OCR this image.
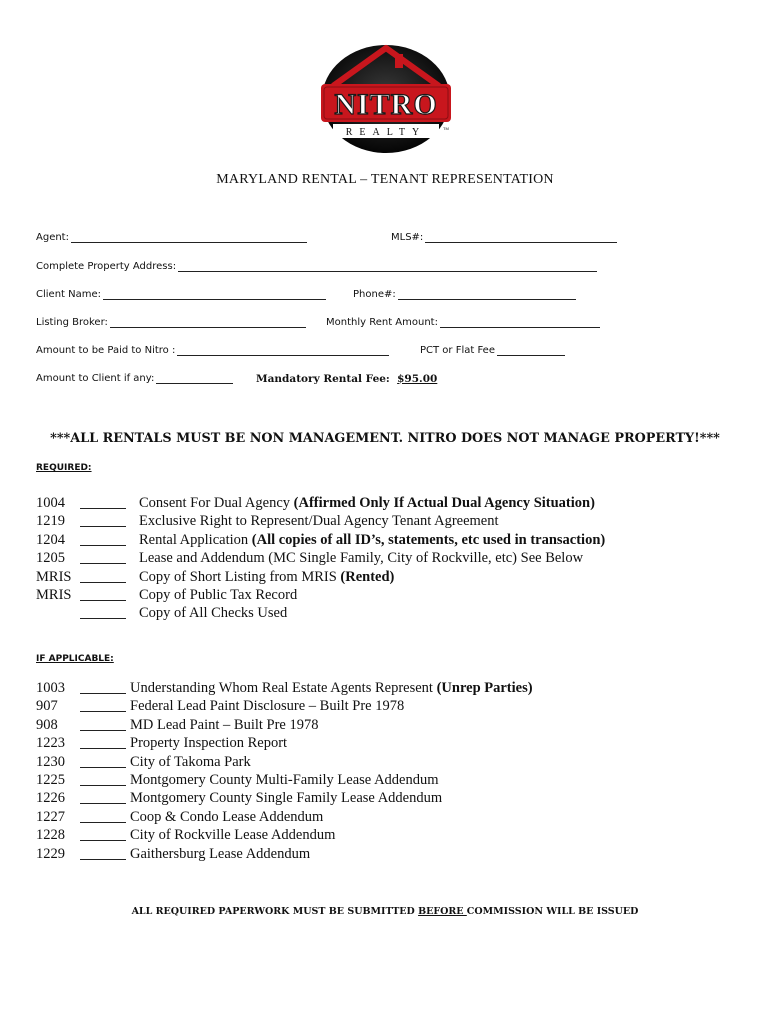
NITRO
REALTY	TM
MARYLAND RENTAL – TENANT REPRESENTATION
Agent:	MLS#:
Complete Property Address:
Client Name:	Phone#:
Listing Broker:	Monthly Rent Amount:
Amount to be Paid to Nitro :	PCT or Flat Fee
Amount to Client if any:	Mandatory Rental Fee:
$95.00
***ALL RENTALS MUST BE NON MANAGEMENT. NITRO DOES NOT MANAGE PROPERTY!***
REQUIRED:
1004	Consent For Dual Agency (Affirmed Only If Actual Dual Agency Situation)
1219	Exclusive Right to Represent/Dual Agency Tenant Agreement
1204	Rental Application (All copies of all ID’s, statements, etc used in transaction)
1205	Lease and Addendum (MC Single Family, City of Rockville, etc) See Below
MRIS	Copy of Short Listing from MRIS (Rented)
MRIS	Copy of Public Tax Record
Copy of All Checks Used
IF APPLICABLE:
1003	Understanding Whom Real Estate Agents Represent (Unrep Parties)
907	Federal Lead Paint Disclosure – Built Pre 1978
908	MD Lead Paint – Built Pre 1978
1223	Property Inspection Report
1230	City of Takoma Park
1225	Montgomery County Multi-Family Lease Addendum
1226	Montgomery County Single Family Lease Addendum
1227	Coop & Condo Lease Addendum
1228	City of Rockville Lease Addendum
1229	Gaithersburg Lease Addendum
ALL REQUIRED PAPERWORK MUST BE SUBMITTED BEFORE COMMISSION WILL BE ISSUED
